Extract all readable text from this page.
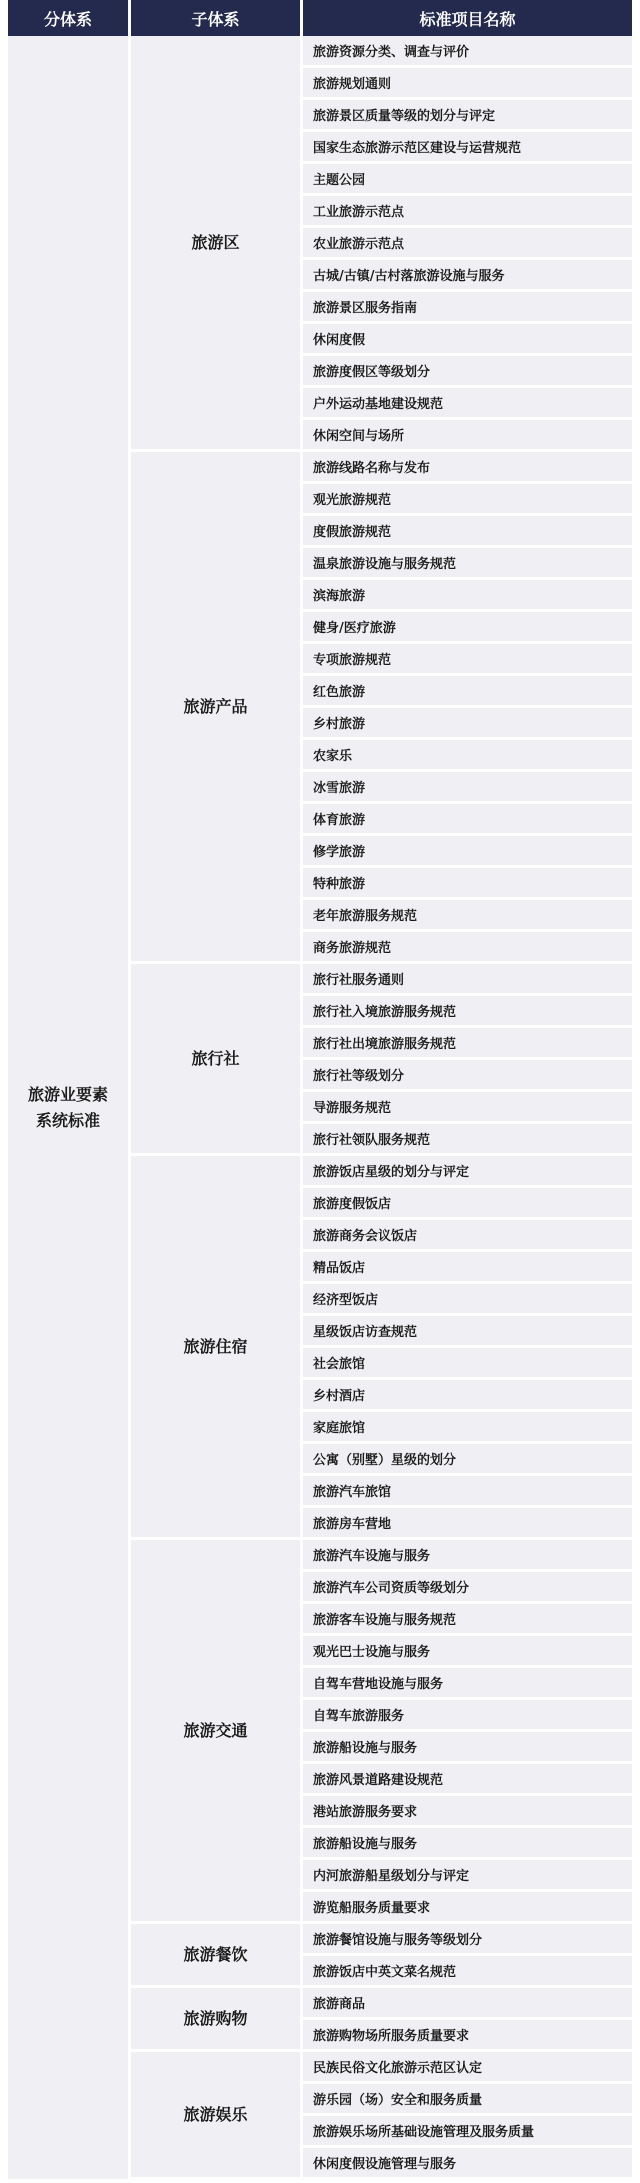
分体系	子体系	标准项目名称
旅游业要素
系统标准
旅游区
旅游资源分类、调查与评价
旅游规划通则
旅游景区质量等级的划分与评定
国家生态旅游示范区建设与运营规范
主题公园
工业旅游示范点
农业旅游示范点
古城/古镇/古村落旅游设施与服务
旅游景区服务指南
休闲度假
旅游度假区等级划分
户外运动基地建设规范
休闲空间与场所
旅游产品
旅游线路名称与发布
观光旅游规范
度假旅游规范
温泉旅游设施与服务规范
滨海旅游
健身/医疗旅游
专项旅游规范
红色旅游
乡村旅游
农家乐
冰雪旅游
体育旅游
修学旅游
特种旅游
老年旅游服务规范
商务旅游规范
旅行社
旅行社服务通则
旅行社入境旅游服务规范
旅行社出境旅游服务规范
旅行社等级划分
导游服务规范
旅行社领队服务规范
旅游住宿
旅游饭店星级的划分与评定
旅游度假饭店
旅游商务会议饭店
精品饭店
经济型饭店
星级饭店访查规范
社会旅馆
乡村酒店
家庭旅馆
公寓（别墅）星级的划分
旅游汽车旅馆
旅游房车营地
旅游交通
旅游汽车设施与服务
旅游汽车公司资质等级划分
旅游客车设施与服务规范
观光巴士设施与服务
自驾车营地设施与服务
自驾车旅游服务
旅游船设施与服务
旅游风景道路建设规范
港站旅游服务要求
旅游船设施与服务
内河旅游船星级划分与评定
游览船服务质量要求
旅游餐饮
旅游餐馆设施与服务等级划分
旅游饭店中英文菜名规范
旅游购物
旅游商品
旅游购物场所服务质量要求
旅游娱乐
民族民俗文化旅游示范区认定
游乐园（场）安全和服务质量
旅游娱乐场所基础设施管理及服务质量
休闲度假设施管理与服务
